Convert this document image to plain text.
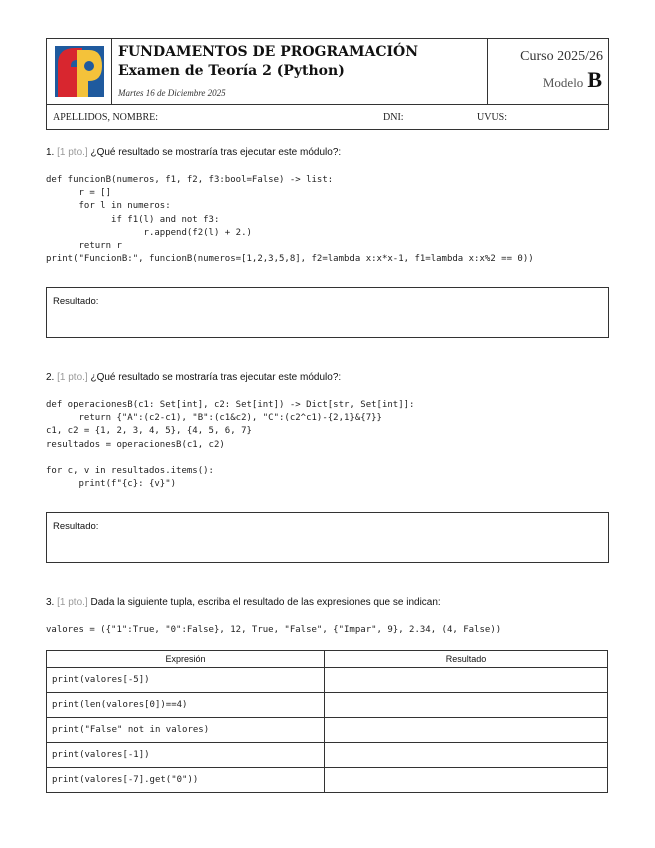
FUNDAMENTOS DE PROGRAMACIÓN
Examen de Teoría 2 (Python)
Martes 16 de Diciembre 2025
Curso 2025/26
Modelo B
APELLIDOS, NOMBRE:	DNI:	UVUS:
1. [1 pto.] ¿Qué resultado se mostraría tras ejecutar este módulo?:
def funcionB(numeros, f1, f2, f3:bool=False) -> list:
r = []
for l in numeros:
if f1(l) and not f3:
r.append(f2(l) + 2.)
return r
print("FuncionB:", funcionB(numeros=[1,2,3,5,8], f2=lambda x:x*x-1, f1=lambda x:x%2 == 0))
Resultado:
2. [1 pto.] ¿Qué resultado se mostraría tras ejecutar este módulo?:
def operacionesB(c1: Set[int], c2: Set[int]) -> Dict[str, Set[int]]:
return {"A":(c2-c1), "B":(c1&c2), "C":(c2^c1)-{2,1}&{7}}
c1, c2 = {1, 2, 3, 4, 5}, {4, 5, 6, 7}
resultados = operacionesB(c1, c2)

for c, v in resultados.items():
print(f"{c}: {v}")
Resultado:
3. [1 pto.] Dada la siguiente tupla, escriba el resultado de las expresiones que se indican:
valores = ({"1":True, "0":False}, 12, True, "False", {"Impar", 9}, 2.34, (4, False))
Expresión	Resultado
print(valores[-5])	
print(len(valores[0])==4)	
print("False" not in valores)	
print(valores[-1])	
print(valores[-7].get("0"))	
